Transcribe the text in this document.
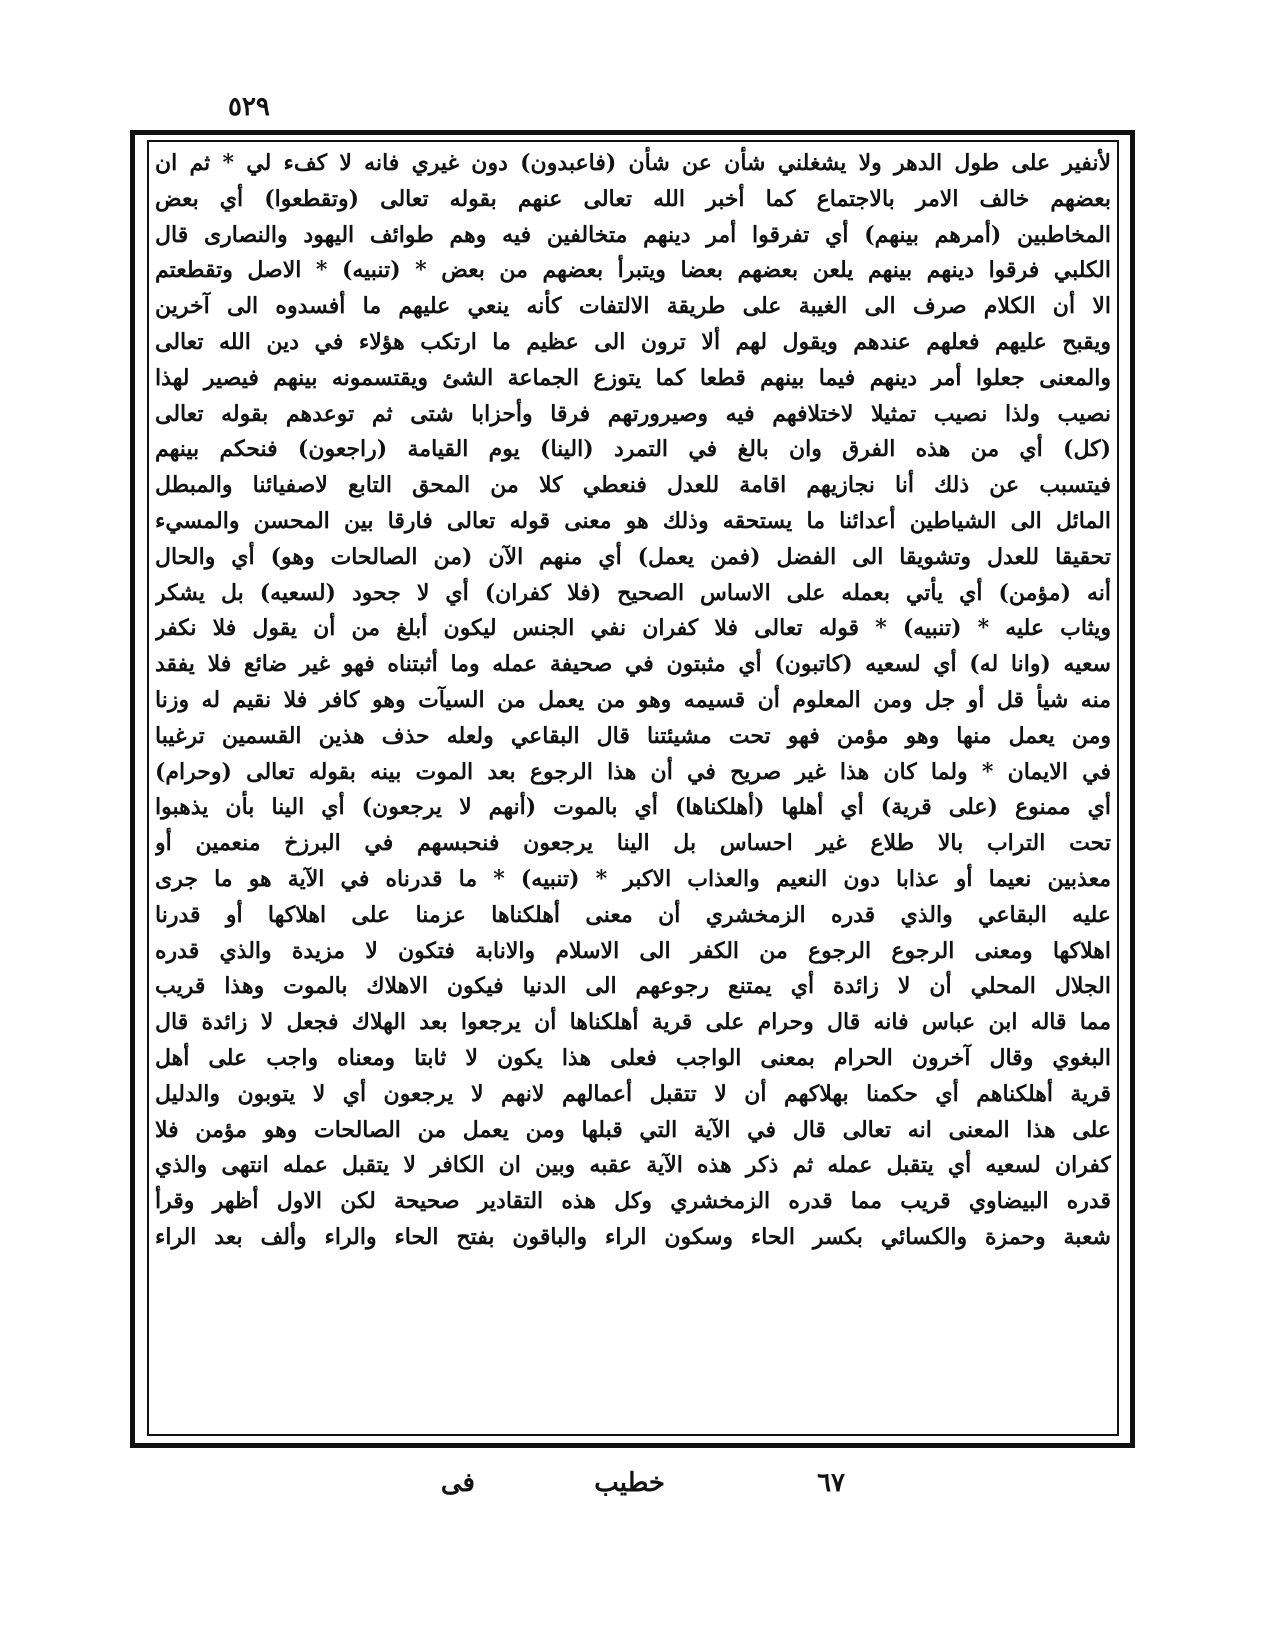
٥٢٩
لأنفير على طول الدهر ولا يشغلني شأن عن شأن (فاعبدون) دون غيري فانه لا كفء لي * ثم ان
بعضهم خالف الامر بالاجتماع كما أخبر الله تعالى عنهم بقوله تعالى (وتقطعوا) أي بعض
المخاطبين (أمرهم بينهم) أي تفرقوا أمر دينهم متخالفين فيه وهم طوائف اليهود والنصارى قال
الكلبي فرقوا دينهم بينهم يلعن بعضهم بعضا ويتبرأ بعضهم من بعض * (تنبيه) * الاصل وتقطعتم
الا أن الكلام صرف الى الغيبة على طريقة الالتفات كأنه ينعي عليهم ما أفسدوه الى آخرين
ويقبح عليهم فعلهم عندهم ويقول لهم ألا ترون الى عظيم ما ارتكب هؤلاء في دين الله تعالى
والمعنى جعلوا أمر دينهم فيما بينهم قطعا كما يتوزع الجماعة الشئ ويقتسمونه بينهم فيصير لهذا
نصيب ولذا نصيب تمثيلا لاختلافهم فيه وصيرورتهم فرقا وأحزابا شتى ثم توعدهم بقوله تعالى
(كل) أي من هذه الفرق وان بالغ في التمرد (الينا) يوم القيامة (راجعون) فنحكم بينهم
فيتسبب عن ذلك أنا نجازيهم اقامة للعدل فنعطي كلا من المحق التابع لاصفيائنا والمبطل
المائل الى الشياطين أعدائنا ما يستحقه وذلك هو معنى قوله تعالى فارقا بين المحسن والمسيء
تحقيقا للعدل وتشويقا الى الفضل (فمن يعمل) أي منهم الآن (من الصالحات وهو) أي والحال
أنه (مؤمن) أي يأتي بعمله على الاساس الصحيح (فلا كفران) أي لا جحود (لسعيه) بل يشكر
ويثاب عليه * (تنبيه) * قوله تعالى فلا كفران نفي الجنس ليكون أبلغ من أن يقول فلا نكفر
سعيه (وانا له) أي لسعيه (كاتبون) أي مثبتون في صحيفة عمله وما أثبتناه فهو غير ضائع فلا يفقد
منه شيأ قل أو جل ومن المعلوم أن قسيمه وهو من يعمل من السيآت وهو كافر فلا نقيم له وزنا
ومن يعمل منها وهو مؤمن فهو تحت مشيئتنا قال البقاعي ولعله حذف هذين القسمين ترغيبا
في الايمان * ولما كان هذا غير صريح في أن هذا الرجوع بعد الموت بينه بقوله تعالى (وحرام)
أي ممنوع (على قرية) أي أهلها (أهلكناها) أي بالموت (أنهم لا يرجعون) أي الينا بأن يذهبوا
تحت التراب بالا طلاع غير احساس بل الينا يرجعون فنحبسهم في البرزخ منعمين أو
معذبين نعيما أو عذابا دون النعيم والعذاب الاكبر * (تنبيه) * ما قدرناه في الآية هو ما جرى
عليه البقاعي والذي قدره الزمخشري أن معنى أهلكناها عزمنا على اهلاكها أو قدرنا
اهلاكها ومعنى الرجوع الرجوع من الكفر الى الاسلام والانابة فتكون لا مزيدة والذي قدره
الجلال المحلي أن لا زائدة أي يمتنع رجوعهم الى الدنيا فيكون الاهلاك بالموت وهذا قريب
مما قاله ابن عباس فانه قال وحرام على قرية أهلكناها أن يرجعوا بعد الهلاك فجعل لا زائدة قال
البغوي وقال آخرون الحرام بمعنى الواجب فعلى هذا يكون لا ثابتا ومعناه واجب على أهل
قرية أهلكناهم أي حكمنا بهلاكهم أن لا تتقبل أعمالهم لانهم لا يرجعون أي لا يتوبون والدليل
على هذا المعنى انه تعالى قال في الآية التي قبلها ومن يعمل من الصالحات وهو مؤمن فلا
كفران لسعيه أي يتقبل عمله ثم ذكر هذه الآية عقبه وبين ان الكافر لا يتقبل عمله انتهى والذي
قدره البيضاوي قريب مما قدره الزمخشري وكل هذه التقادير صحيحة لكن الاول أظهر وقرأ
شعبة وحمزة والكسائي بكسر الحاء وسكون الراء والباقون بفتح الحاء والراء وألف بعد الراء
٦٧
خطیب
فی
